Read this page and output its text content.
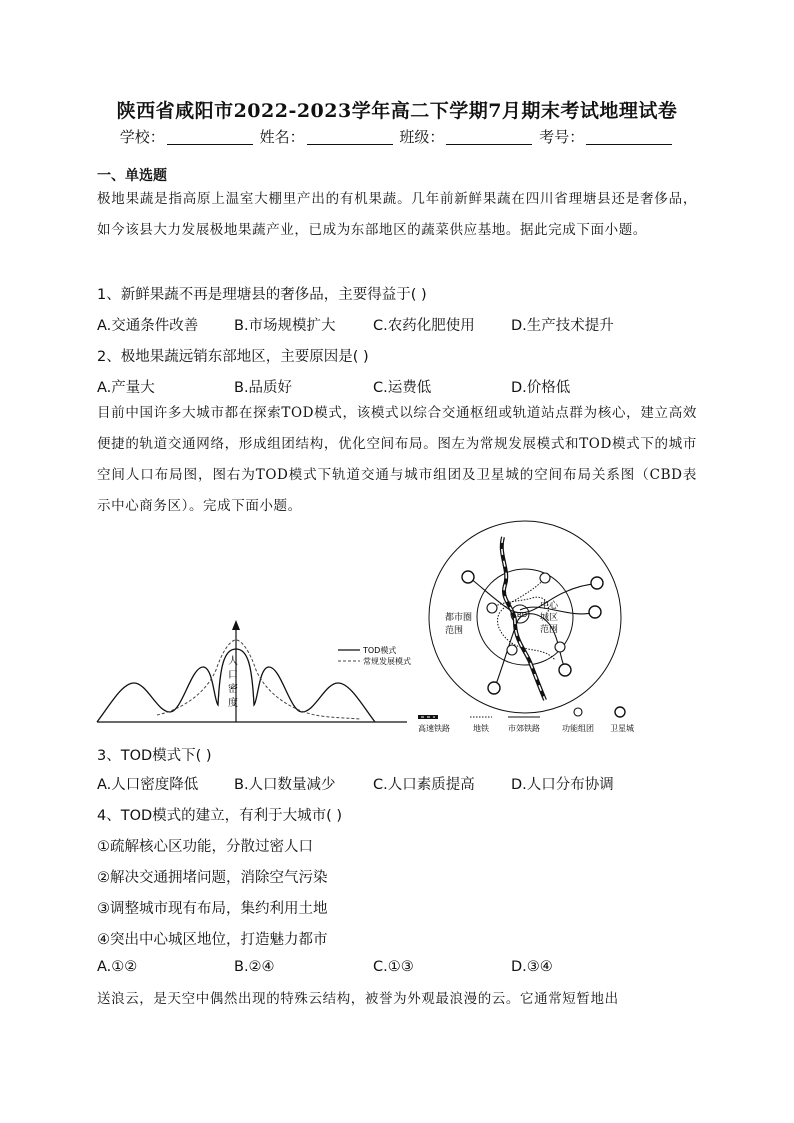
陕西省咸阳市2022-2023学年高二下学期7月期末考试地理试卷
学校：	姓名：	班级：	考号：
一、单选题
极地果蔬是指高原上温室大棚里产出的有机果蔬。几年前新鲜果蔬在四川省理塘县还是奢侈品，如今该县大力发展极地果蔬产业，已成为东部地区的蔬菜供应基地。据此完成下面小题。
1、新鲜果蔬不再是理塘县的奢侈品，主要得益于( )
A.交通条件改善 B.市场规模扩大	C.农药化肥使用	D.生产技术提升
2、极地果蔬远销东部地区，主要原因是( )
A.产量大	B.品质好	C.运费低	D.价格低
目前中国许多大城市都在探索TOD模式，该模式以综合交通枢纽或轨道站点群为核心，建立高效便捷的轨道交通网络，形成组团结构，优化空间布局。图左为常规发展模式和TOD模式下的城市空间人口布局图，图右为TOD模式下轨道交通与城市组团及卫星城的空间布局关系图（CBD表示中心商务区）。完成下面小题。
人
口
密
度
TOD模式
常规发展模式
CBD
都市圈范围
中心城区范围
高速铁路	地铁 市郊铁路	功能组团 卫星城
3、TOD模式下( )
A.人口密度降低 B.人口数量减少	C.人口素质提高	D.人口分布协调
4、TOD模式的建立，有利于大城市( )
①疏解核心区功能，分散过密人口
②解决交通拥堵问题，消除空气污染
③调整城市现有布局，集约利用土地
④突出中心城区地位，打造魅力都市
A.①②	B.②④	C.①③	D.③④
送浪云，是天空中偶然出现的特殊云结构，被誉为外观最浪漫的云。它通常短暂地出
